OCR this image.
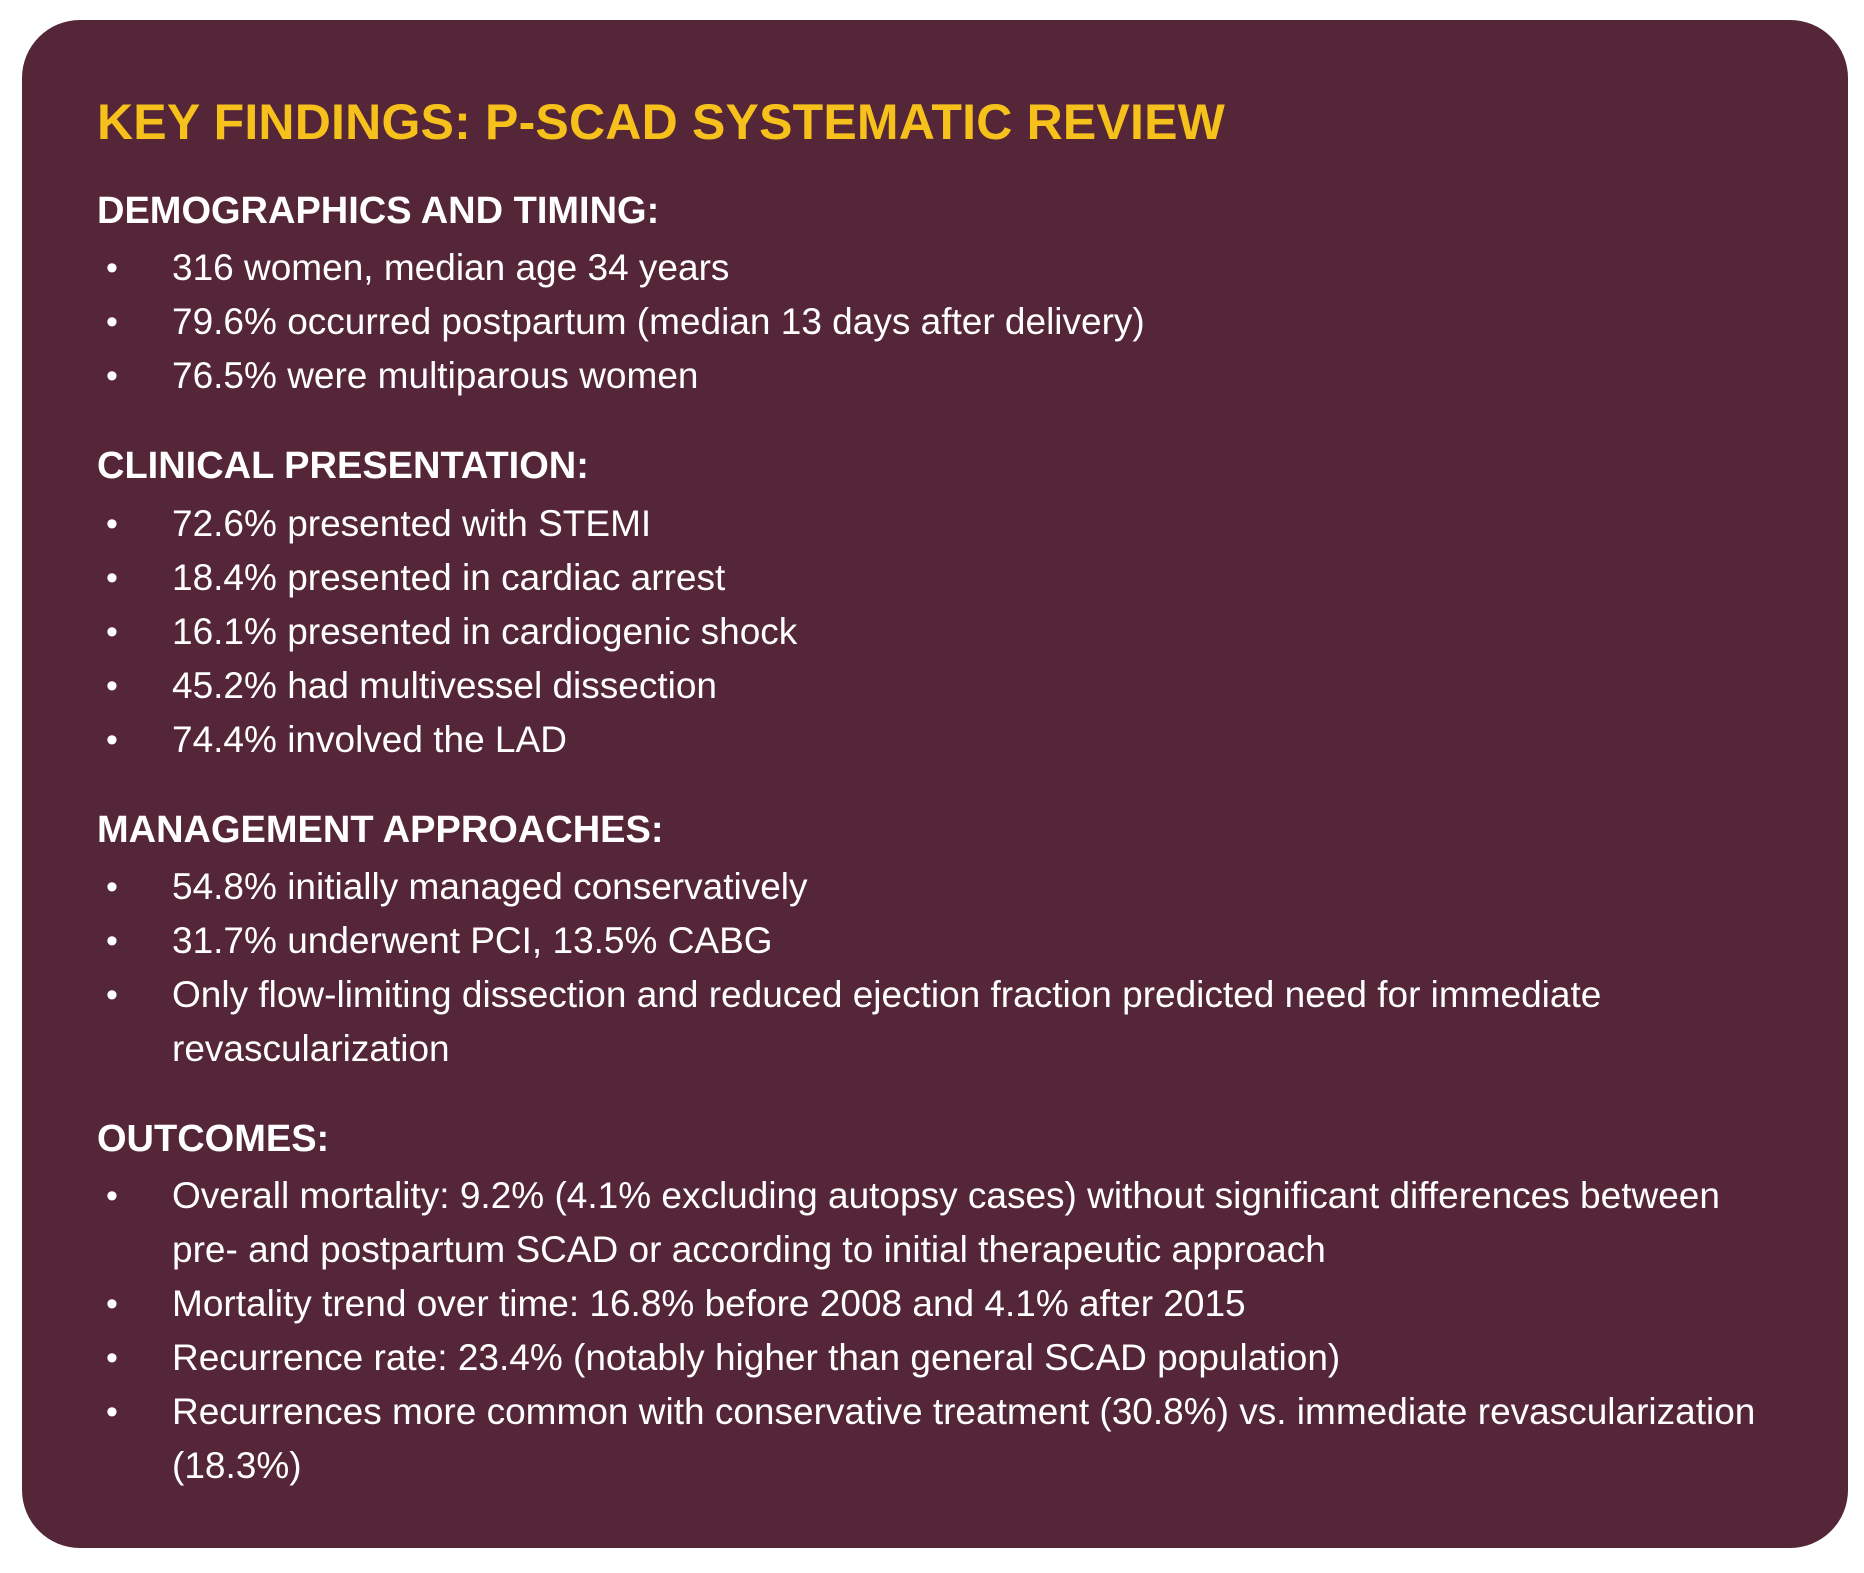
KEY FINDINGS: P-SCAD SYSTEMATIC REVIEW
DEMOGRAPHICS AND TIMING:
• 316 women, median age 34 years
• 79.6% occurred postpartum (median 13 days after delivery)
• 76.5% were multiparous women
CLINICAL PRESENTATION:
• 72.6% presented with STEMI
• 18.4% presented in cardiac arrest
• 16.1% presented in cardiogenic shock
• 45.2% had multivessel dissection
• 74.4% involved the LAD
MANAGEMENT APPROACHES:
• 54.8% initially managed conservatively
• 31.7% underwent PCI, 13.5% CABG
• Only flow-limiting dissection and reduced ejection fraction predicted need for immediate revascularization
OUTCOMES:
• Overall mortality: 9.2% (4.1% excluding autopsy cases) without significant differences between pre- and postpartum SCAD or according to initial therapeutic approach
• Mortality trend over time: 16.8% before 2008 and 4.1% after 2015
• Recurrence rate: 23.4% (notably higher than general SCAD population)
• Recurrences more common with conservative treatment (30.8%) vs. immediate revascularization (18.3%)
